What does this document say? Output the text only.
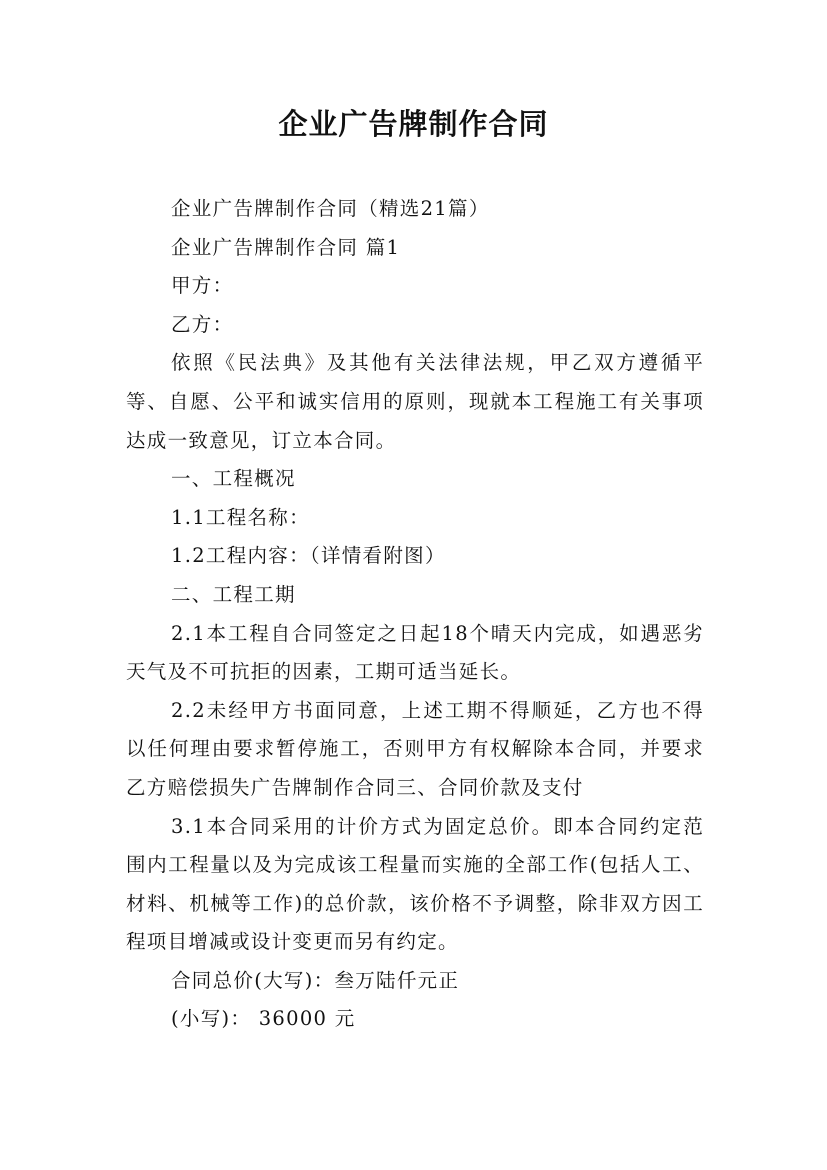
企业广告牌制作合同

企业广告牌制作合同（精选21篇）

企业广告牌制作合同 篇1

甲方：

乙方：

依照《民法典》及其他有关法律法规，甲乙双方遵循平等、自愿、公平和诚实信用的原则，现就本工程施工有关事项达成一致意见，订立本合同。

一、工程概况

1.1工程名称：

1.2工程内容：（详情看附图）

二、工程工期

2.1本工程自合同签定之日起18个晴天内完成，如遇恶劣天气及不可抗拒的因素，工期可适当延长。

2.2未经甲方书面同意，上述工期不得顺延，乙方也不得以任何理由要求暂停施工，否则甲方有权解除本合同，并要求乙方赔偿损失广告牌制作合同三、合同价款及支付

3.1本合同采用的计价方式为固定总价。即本合同约定范围内工程量以及为完成该工程量而实施的全部工作(包括人工、材料、机械等工作)的总价款，该价格不予调整，除非双方因工程项目增减或设计变更而另有约定。

合同总价(大写)：叁万陆仟元正

(小写)： 36000 元
